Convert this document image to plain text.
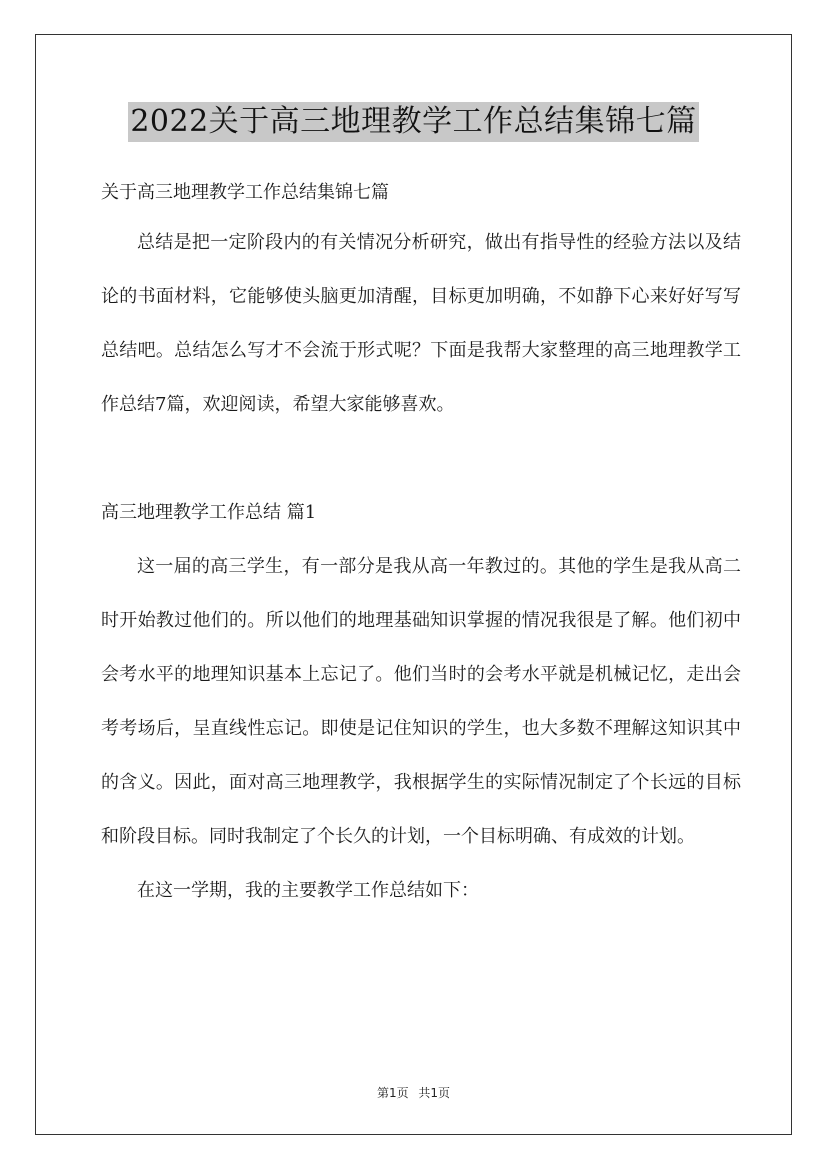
2022关于高三地理教学工作总结集锦七篇

关于高三地理教学工作总结集锦七篇

总结是把一定阶段内的有关情况分析研究，做出有指导性的经验方法以及结论的书面材料，它能够使头脑更加清醒，目标更加明确，不如静下心来好好写写总结吧。总结怎么写才不会流于形式呢？下面是我帮大家整理的高三地理教学工作总结7篇，欢迎阅读，希望大家能够喜欢。

高三地理教学工作总结 篇1

这一届的高三学生，有一部分是我从高一年教过的。其他的学生是我从高二时开始教过他们的。所以他们的地理基础知识掌握的情况我很是了解。他们初中会考水平的地理知识基本上忘记了。他们当时的会考水平就是机械记忆，走出会考考场后，呈直线性忘记。即使是记住知识的学生，也大多数不理解这知识其中的含义。因此，面对高三地理教学，我根据学生的实际情况制定了个长远的目标和阶段目标。同时我制定了个长久的计划，一个目标明确、有成效的计划。

在这一学期，我的主要教学工作总结如下：

第1页 共1页
